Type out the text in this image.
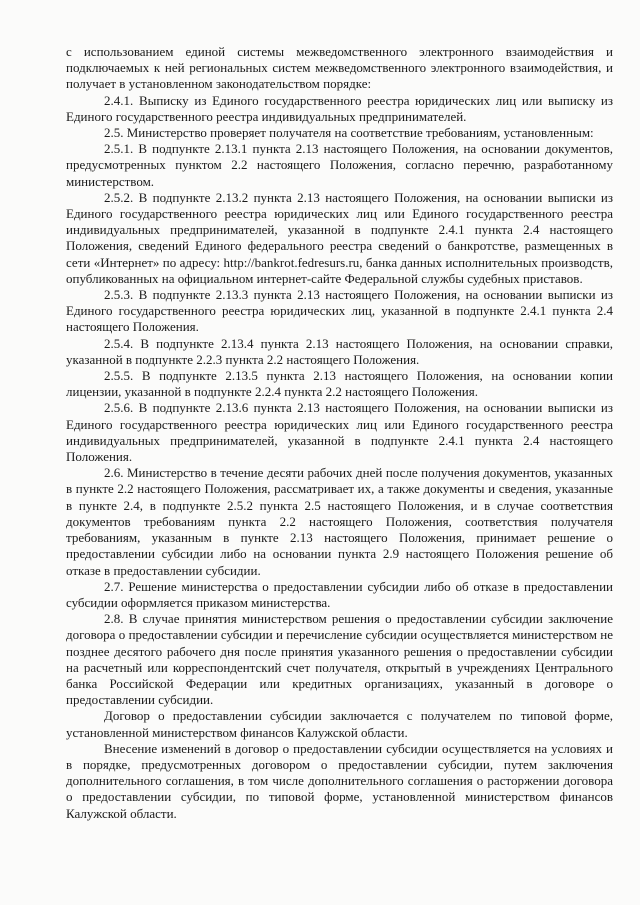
с использованием единой системы межведомственного электронного взаимодействия и подключаемых к ней региональных систем межведомственного электронного взаимодействия, и получает в установленном законодательством порядке:

2.4.1. Выписку из Единого государственного реестра юридических лиц или выписку из Единого государственного реестра индивидуальных предпринимателей.

2.5. Министерство проверяет получателя на соответствие требованиям, установленным:

2.5.1. В подпункте 2.13.1 пункта 2.13 настоящего Положения, на основании документов, предусмотренных пунктом 2.2 настоящего Положения, согласно перечню, разработанному министерством.

2.5.2. В подпункте 2.13.2 пункта 2.13 настоящего Положения, на основании выписки из Единого государственного реестра юридических лиц или Единого государственного реестра индивидуальных предпринимателей, указанной в подпункте 2.4.1 пункта 2.4 настоящего Положения, сведений Единого федерального реестра сведений о банкротстве, размещенных в сети «Интернет» по адресу: http://bankrot.fedresurs.ru, банка данных исполнительных производств, опубликованных на официальном интернет-сайте Федеральной службы судебных приставов.

2.5.3. В подпункте 2.13.3 пункта 2.13 настоящего Положения, на основании выписки из Единого государственного реестра юридических лиц, указанной в подпункте 2.4.1 пункта 2.4 настоящего Положения.

2.5.4. В подпункте 2.13.4 пункта 2.13 настоящего Положения, на основании справки, указанной в подпункте 2.2.3 пункта 2.2 настоящего Положения.

2.5.5. В подпункте 2.13.5 пункта 2.13 настоящего Положения, на основании копии лицензии, указанной в подпункте 2.2.4 пункта 2.2 настоящего Положения.

2.5.6. В подпункте 2.13.6 пункта 2.13 настоящего Положения, на основании выписки из Единого государственного реестра юридических лиц или Единого государственного реестра индивидуальных предпринимателей, указанной в подпункте 2.4.1 пункта 2.4 настоящего Положения.

2.6. Министерство в течение десяти рабочих дней после получения документов, указанных в пункте 2.2 настоящего Положения, рассматривает их, а также документы и сведения, указанные в пункте 2.4, в подпункте 2.5.2 пункта 2.5 настоящего Положения, и в случае соответствия документов требованиям пункта 2.2 настоящего Положения, соответствия получателя требованиям, указанным в пункте 2.13 настоящего Положения, принимает решение о предоставлении субсидии либо на основании пункта 2.9 настоящего Положения решение об отказе в предоставлении субсидии.

2.7. Решение министерства о предоставлении субсидии либо об отказе в предоставлении субсидии оформляется приказом министерства.

2.8. В случае принятия министерством решения о предоставлении субсидии заключение договора о предоставлении субсидии и перечисление субсидии осуществляется министерством не позднее десятого рабочего дня после принятия указанного решения о предоставлении субсидии на расчетный или корреспондентский счет получателя, открытый в учреждениях Центрального банка Российской Федерации или кредитных организациях, указанный в договоре о предоставлении субсидии.

Договор о предоставлении субсидии заключается с получателем по типовой форме, установленной министерством финансов Калужской области.

Внесение изменений в договор о предоставлении субсидии осуществляется на условиях и в порядке, предусмотренных договором о предоставлении субсидии, путем заключения дополнительного соглашения, в том числе дополнительного соглашения о расторжении договора о предоставлении субсидии, по типовой форме, установленной министерством финансов Калужской области.
